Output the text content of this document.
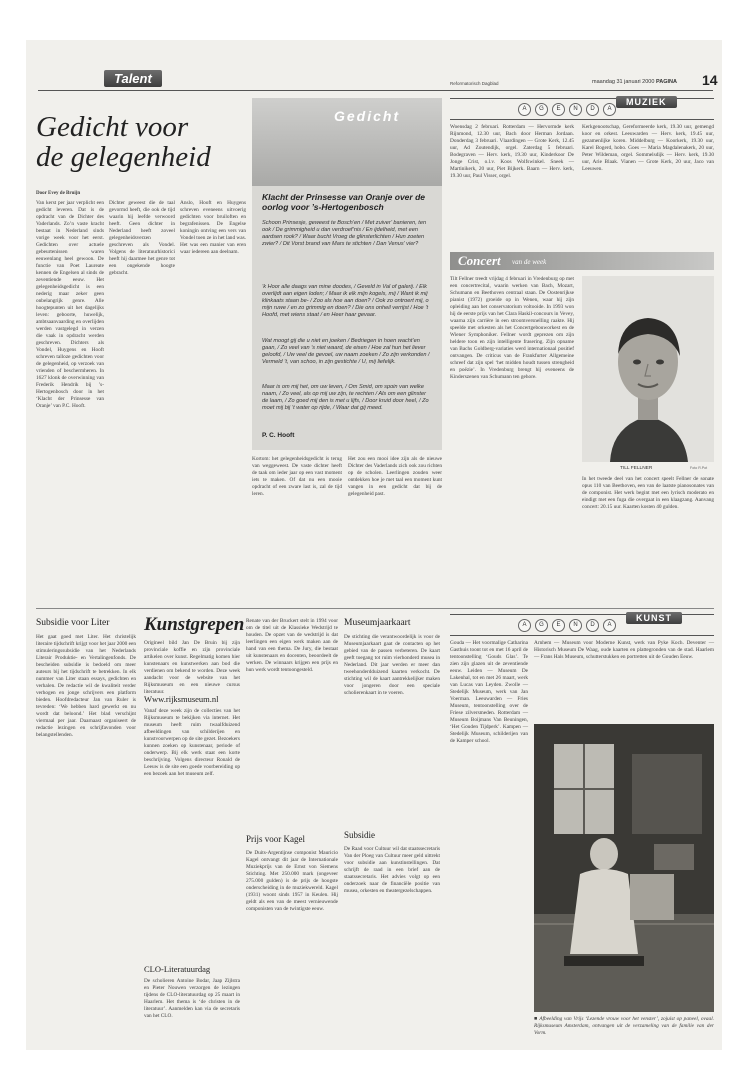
Talent	Reformatorisch Dagblad	maandag 31 januari 2000 PAGINA 14
Gedicht voor
de gelegenheid
Door Evey de Bruijn
Van kerst per jaar verplicht een gedicht leveren. Dat is de opdracht van de Dichter des Vaderlands. Zo’n vaste kracht bestaat in Nederland sinds vorige week voor het eerst. Gedichten over actuele gebeurtenissen waren eeuwenlang heel gewoon. De functie van Poet Laureate kennen de Engelsen al sinds de zeventiende eeuw. Het gelegenheidsgedicht is een nederig maar zeker geen onbelangrijk genre. Alle hoogtepunten uit het dagelijks leven: geboorte, huwelijk, ambtsaanvaarding en overlijden werden vastgelegd in verzen die vaak in opdracht werden geschreven. Dichters als Vondel, Huygens en Hooft schreven talloze gedichten voor de gelegenheid, op verzoek van vrienden of beschermheren. In 1627 klonk de overwinning van Frederik Hendrik bij ’s-Hertogenbosch door in het ‘Klacht der Prinsesse van Oranje’ van P.C. Hooft.
Dichter geweest die de taal gevormd heeft, die ook de tijd waarin hij leefde verwoord heeft. Geen dichter in Nederland heeft zoveel gelegenheidsverzen geschreven als Vondel. Volgens de literatuurhistorici heeft hij daarmee het genre tot een ongekende hoogte gebracht.
Anslo, Hooft en Huygens schreven eveneens uitvoerig gedichten voor bruiloften en begrafenissen. De Engelse koningin ontving een vers van Vondel toen ze in het land was. Het was een manier van eren waar iedereen aan deelnam.
Gedicht
Klacht der Prinsesse van Oranje over de oorlog voor ’s-Hertogenbosch
Schoon Prinsesje, geweest te Bosch’en / Met zuiver’ banieren, ten ook / De grimmigheid u dan verdroef’nis / En ijdelheid, met een aardsen rook? / Waar bucht Vroeg de glinsterlichten / Hun zoeten zwier? / Dit Vorst brand van Mars te stichten / Dan Venus’ vier?
’k Hoor alle daags van mine doodes, / Geveld in Val of galerij. / Elk overlijdt aan eigen loden; / Maar ik elk mijn kogels, mij / Want ik mij klinkaats staan be- / Zoo als hoe aan doen? / Ook zo ontroert mij, o mijn ruwe / en zo grimmig en doen? / Die ons onheil verrijst / Hoe ’t Hoofd, met wiens staat / en Heer haar gevaar.
Wat moogt gij die u niet en joeken / Bedriegen in hoen wacht’en gaan, / Zo veel van ’s niet waard, de eisen / Hoe zal hun het liever geloofd, / Uw veel de gevoel, uw naam zoeken / Zo zijn verkonden / Vermeld ’t, van schoo, in zijn gestichte / U, mij liefelijk.
Maar is om mij het, om uw leven, / Om Smid, om spoin van welke naam, / Zo veel, als op mij uw zijn, te rechten / Als om een glinster de laam, / Zo goed mij den is met u lijfs, / Door kruid door heel, / Zo moet mij bij ’t water op rijde, / Waar dat gij meed.
P. C. Hooft
Kortom: het gelegenheidsgedicht is terug van weggeweest. De vaste dichter heeft de taak om ieder jaar op een vast moment iets te maken. Of dat nu een mooie opdracht of een zware last is, zal de tijd leren.
Het zou een mooi idee zijn als de nieuwe Dichter des Vaderlands zich ook zou richten op de scholen. Leerlingen zouden weer ontdekken hoe je met taal een moment kunt vangen in een gedicht dat bij de gelegenheid past.
A	G	E	N	D	A
MUZIEK
Woensdag 2 februari. Rotterdam — Hervormde kerk Rijnmond, 12.30 uur, Bach door Herman Jordaan. Donderdag 3 februari. Vlaardingen — Grote Kerk, 12.45 uur, Ad Zoutendijk, orgel. Zaterdag 5 februari. Bodegraven — Herv. kerk, 19.30 uur, Kinderkoor De Jonge Crist, o.l.v. Koos Wolfswinkel. Sneek — Martinikerk, 20 uur, Piet Bijkerk. Baarn — Herv. kerk, 19.30 uur, Paul Visser, orgel.
Kerkgenootschap, Gereformeerde kerk, 19.30 uur, gemengd koor en orkest. Leeuwarden — Herv. kerk, 19.45 uur, gezamenlijke koren. Middelburg — Koorkerk, 19.30 uur, Karel Bogerd, hobo. Goes — Maria Magdalenakerk, 20 uur, Peter Wildeman, orgel. Sommelsdijk — Herv. kerk, 19.30 uur, Arie Blaak. Vianen — Grote Kerk, 20 uur, Jaco van Leeuwen.
Concert van de week
Tilt Fellner treedt vrijdag 4 februari in Vredenburg op met een concertrecital, waarin werken van Bach, Mozart, Schumann en Beethoven centraal staan. De Oostenrijkse pianist (1972) groeide op in Wenen, waar hij zijn opleiding aan het conservatorium voltooide. In 1993 won hij de eerste prijs van het Clara Haskil-concours in Vevey, waarna zijn carrière in een stroomversnelling raakte. Hij speelde met orkesten als het Concertgebouworkest en de Wiener Symphoniker. Fellner wordt geprezen om zijn heldere toon en zijn intelligente frasering. Zijn opname van Bachs Goldberg-variaties werd internationaal positief ontvangen. De criticus van de Frankfurter Allgemeine schreef dat zijn spel ‘het midden houdt tussen strengheid en poëzie’. In Vredenburg brengt hij eveneens de Kinderszenen van Schumann ten gehore.
TILL FELLNER	Foto R.Pot
In het tweede deel van het concert speelt Fellner de sonate opus 110 van Beethoven, een van de laatste pianosonates van de componist. Het werk begint met een lyrisch moderato en eindigt met een fuga die overgaat in een klaagzang. Aanvang concert: 20.15 uur. Kaarten kosten 40 gulden.
Subsidie voor Liter
Het gaat goed met Liter. Het christelijk literaire tijdschrift krijgt voor het jaar 2000 een stimuleringssubsidie van het Nederlands Literair Produktie- en Vertalingenfonds. De bescheiden subsidie is bedoeld om meer auteurs bij het tijdschrift te betrekken. In elk nummer van Liter staan essays, gedichten en verhalen. De redactie wil de kwaliteit verder verhogen en jonge schrijvers een platform bieden. Hoofdredacteur Jan van Ruler is tevreden: ‘We hebben hard gewerkt en nu wordt dat beloond.’ Het blad verschijnt viermaal per jaar. Daarnaast organiseert de redactie lezingen en schrijfavonden voor belangstellenden.
Kunstgrepen
Origineel bild Jan De Bruin bij zijn provinciale koffie en zijn provinciale artikelen over kunst. Regelmatig komen hier kunstenaars en kunstwerken aan bod die verdienen om bekend te worden. Deze week aandacht voor de website van het Rijksmuseum en een nieuwe cursus literatuur.
Www.rijksmuseum.nl
Vanaf deze week zijn de collecties van het Rijksmuseum te bekijken via internet. Het museum heeft ruim twaalfduizend afbeeldingen van schilderijen en kunstvoorwerpen op de site gezet. Bezoekers kunnen zoeken op kunstenaar, periode of onderwerp. Bij elk werk staat een korte beschrijving. Volgens directeur Ronald de Leeuw is de site een goede voorbereiding op een bezoek aan het museum zelf.
CLO-Literatuurdag
De scholieren Antoine Bodar, Jaap Zijlstra en Pieter Nouwen verzorgen de lezingen tijdens de CLO-literatuurdag op 25 maart in Haarlem. Het thema is ‘de christen in de literatuur’. Aanmelden kan via de secretaris van het CLO.
Renate van der Bruckert stelt in 1994 voor om de titel uit de Klassieke Wedstrijd te houden. De opzet van de wedstrijd is dat leerlingen een eigen werk maken aan de hand van een thema. De Jury, die bestaat uit kunstenaars en docenten, beoordeelt de werken. De winnaars krijgen een prijs en hun werk wordt tentoongesteld.
Prijs voor Kagel
De Duits-Argentijnse componist Mauricio Kagel ontvangt dit jaar de Internationale Muziekprijs van de Ernst von Siemens Stichting. Met 250.000 mark (ongeveer 275.000 gulden) is de prijs de hoogste onderscheiding in de muziekwereld. Kagel (1931) woont sinds 1957 in Keulen. Hij geldt als een van de meest vernieuwende componisten van de twintigste eeuw.
Museumjaarkaart
De stichting die verantwoordelijk is voor de Museumjaarkaart gaat de contacten op het gebied van de passen verbeteren. De kaart geeft toegang tot ruim vierhonderd musea in Nederland. Dit jaar werden er meer dan tweehonderdduizend kaarten verkocht. De stichting wil de kaart aantrekkelijker maken voor jongeren door een speciale scholierenkaart in te voeren.
Subsidie
De Raad voor Cultuur wil dat staatssecretaris Van der Ploeg van Cultuur meer geld uittrekt voor subsidie aan kunstinstellingen. Dat schrijft de raad in een brief aan de staatssecretaris. Het advies volgt op een onderzoek naar de financiële positie van musea, orkesten en theatergezelschappen.
A	G	E	N	D	A
KUNST
Gouda — Het voormalige Catharina Gasthuis toont tot en met 16 april de tentoonstelling ‘Gouds Glas’. Te zien zijn glazen uit de zeventiende eeuw. Leiden — Museum De Lakenhal, tot en met 26 maart, werk van Lucas van Leyden. Zwolle — Stedelijk Museum, werk van Jan Voerman. Leeuwarden — Fries Museum, tentoonstelling over de Friese zilversmeden. Rotterdam — Museum Boijmans Van Beuningen, ‘Het Gouden Tijdperk’. Kampen — Stedelijk Museum, schilderijen van de Kamper school.
Arnhem — Museum voor Moderne Kunst, werk van Pyke Koch. Deventer — Historisch Museum De Waag, oude kaarten en plattegronden van de stad. Haarlem — Frans Hals Museum, schutterstukken en portretten uit de Gouden Eeuw.
■ Afbeelding van Vrijs ‘Lezende vrouw voor het venster’, zojuist op paneel, ovaal. Rijksmuseum Amsterdam, ontvangen uit de verzameling van de familie van der Vorm.
